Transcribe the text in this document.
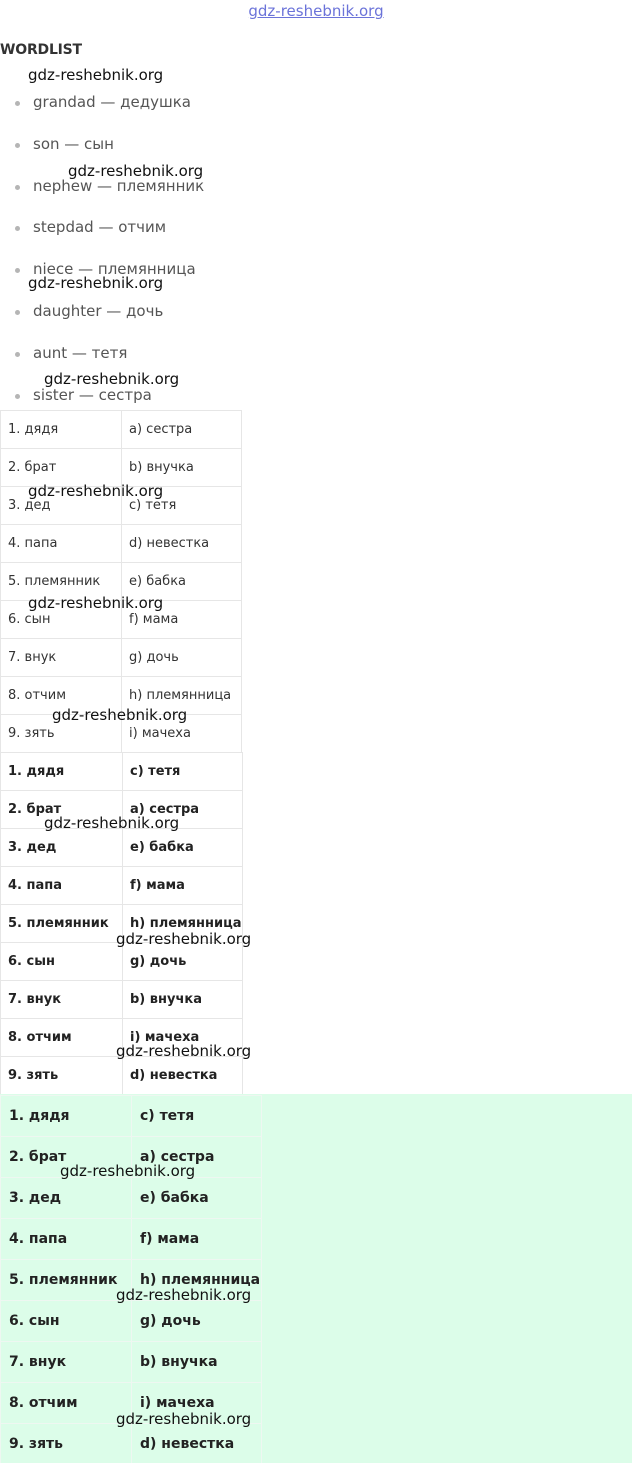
gdz-reshebnik.org
WORDLIST
grandad — дедушка
son — сын
nephew — племянник
stepdad — отчим
niece — племянница
daughter — дочь
aunt — тетя
sister — сестра
1. дядя	a) сестра
2. брат	b) внучка
3. дед	c) тетя
4. папа	d) невестка
5. племянник	e) бабка
6. сын	f) мама
7. внук	g) дочь
8. отчим	h) племянница
9. зять	i) мачеха
1. дядя	c) тетя
2. брат	a) сестра
3. дед	e) бабка
4. папа	f) мама
5. племянник	h) племянница
6. сын	g) дочь
7. внук	b) внучка
8. отчим	i) мачеха
9. зять	d) невестка
1. дядя	c) тетя
2. брат	a) сестра
3. дед	e) бабка
4. папа	f) мама
5. племянник	h) племянница
6. сын	g) дочь
7. внук	b) внучка
8. отчим	i) мачеха
9. зять	d) невестка
gdz-reshebnik.org
gdz-reshebnik.org
gdz-reshebnik.org
gdz-reshebnik.org
gdz-reshebnik.org
gdz-reshebnik.org
gdz-reshebnik.org
gdz-reshebnik.org
gdz-reshebnik.org
gdz-reshebnik.org
gdz-reshebnik.org
gdz-reshebnik.org
gdz-reshebnik.org
